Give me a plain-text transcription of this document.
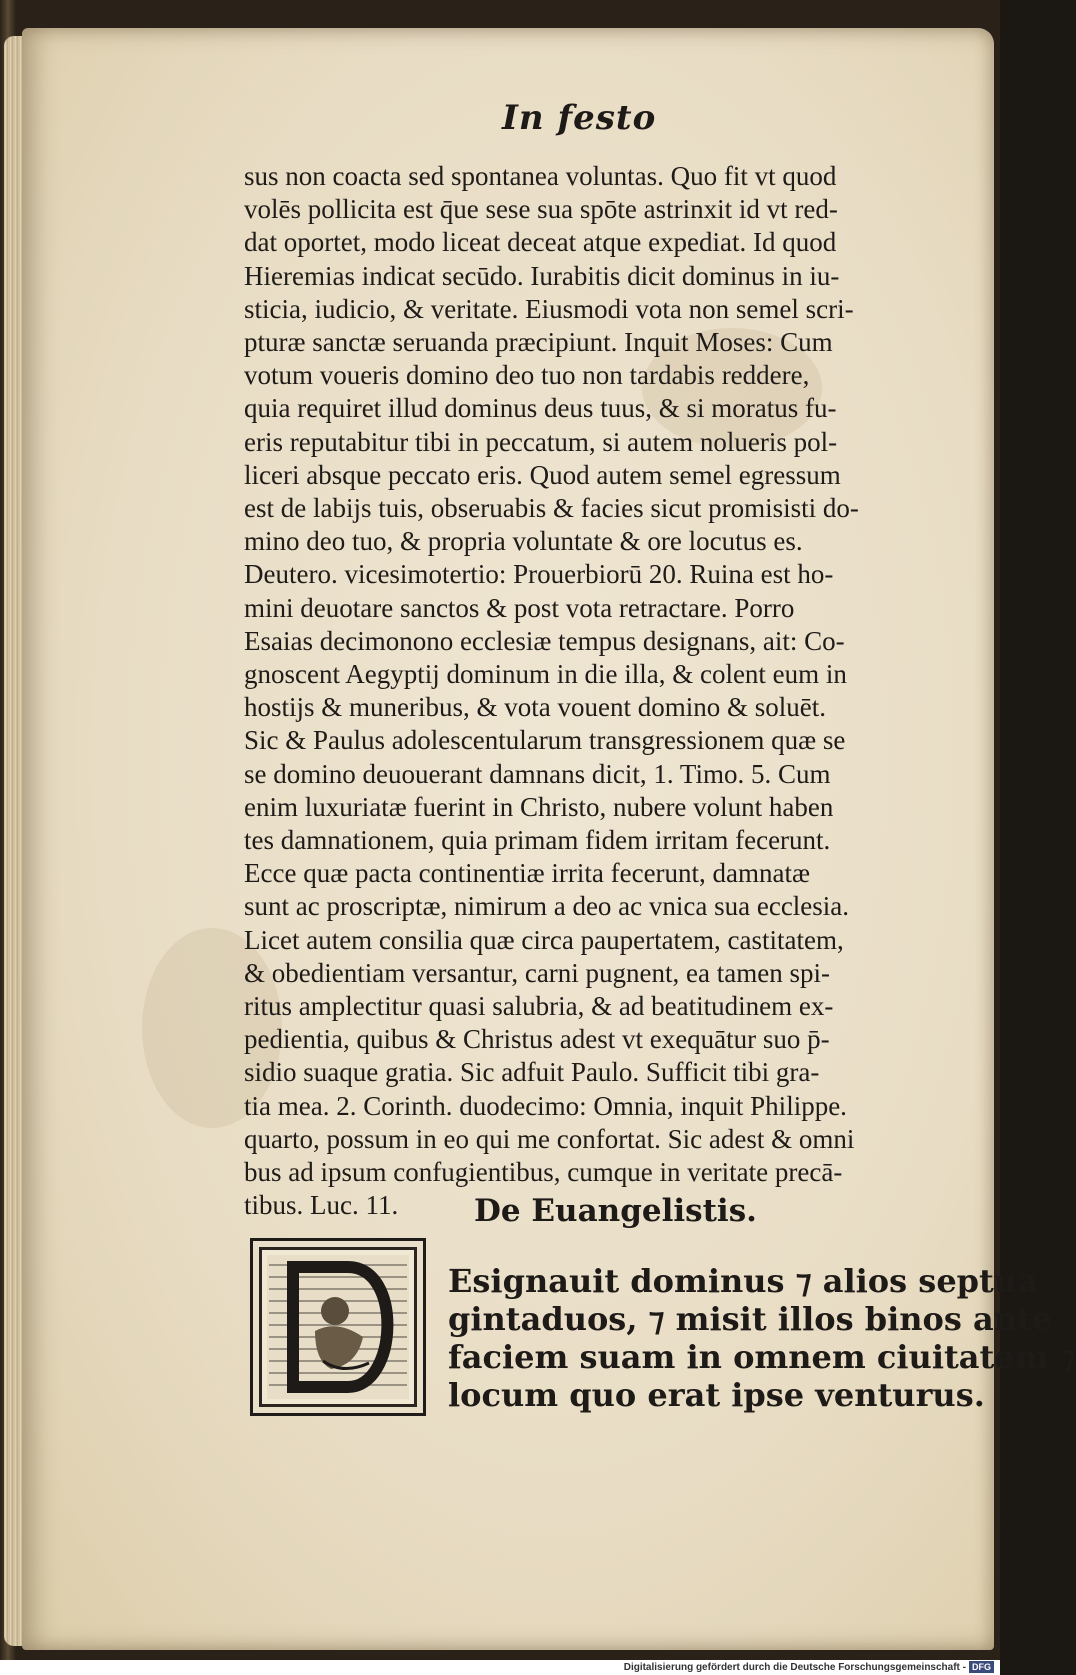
In festo
sus non coacta sed spontanea voluntas. Quo fit vt quod
volēs pollicita est q̄ue sese sua spōte astrinxit id vt red-
dat oportet, modo liceat deceat atque expediat. Id quod
Hieremias indicat secūdo. Iurabitis dicit dominus in iu-
sticia, iudicio, & veritate. Eiusmodi vota non semel scri-
pturæ sanctæ seruanda præcipiunt. Inquit Moses: Cum
votum voueris domino deo tuo non tardabis reddere,
quia requiret illud dominus deus tuus, & si moratus fu-
eris reputabitur tibi in peccatum, si autem nolueris pol-
liceri absque peccato eris. Quod autem semel egressum
est de labijs tuis, obseruabis & facies sicut promisisti do-
mino deo tuo, & propria voluntate & ore locutus es.
Deutero. vicesimotertio: Prouerbiorū 20. Ruina est ho-
mini deuotare sanctos & post vota retractare. Porro
Esaias decimonono ecclesiæ tempus designans, ait: Co-
gnoscent Aegyptij dominum in die illa, & colent eum in
hostijs & muneribus, & vota vouent domino & soluēt.
Sic & Paulus adolescentularum transgressionem quæ se
se domino deuouerant damnans dicit, 1. Timo. 5. Cum
enim luxuriatæ fuerint in Christo, nubere volunt haben
tes damnationem, quia primam fidem irritam fecerunt.
Ecce quæ pacta continentiæ irrita fecerunt, damnatæ
sunt ac proscriptæ, nimirum a deo ac vnica sua ecclesia.
Licet autem consilia quæ circa paupertatem, castitatem,
& obedientiam versantur, carni pugnent, ea tamen spi-
ritus amplectitur quasi salubria, & ad beatitudinem ex-
pedientia, quibus & Christus adest vt exequātur suo p̄-
sidio suaque gratia. Sic adfuit Paulo. Sufficit tibi gra-
tia mea. 2. Corinth. duodecimo: Omnia, inquit Philippe.
quarto, possum in eo qui me confortat. Sic adest & omni
bus ad ipsum confugientibus, cumque in veritate precā-
tibus. Luc. 11.	De Euangelistis.
Esignauit dominus ⁊ alios septua
gintaduos, ⁊ misit illos binos ante
faciem suam in omnem ciuitatem ⁊
locum quo erat ipse venturus.
Digitalisierung gefördert durch die Deutsche Forschungsgemeinschaft - DFG
